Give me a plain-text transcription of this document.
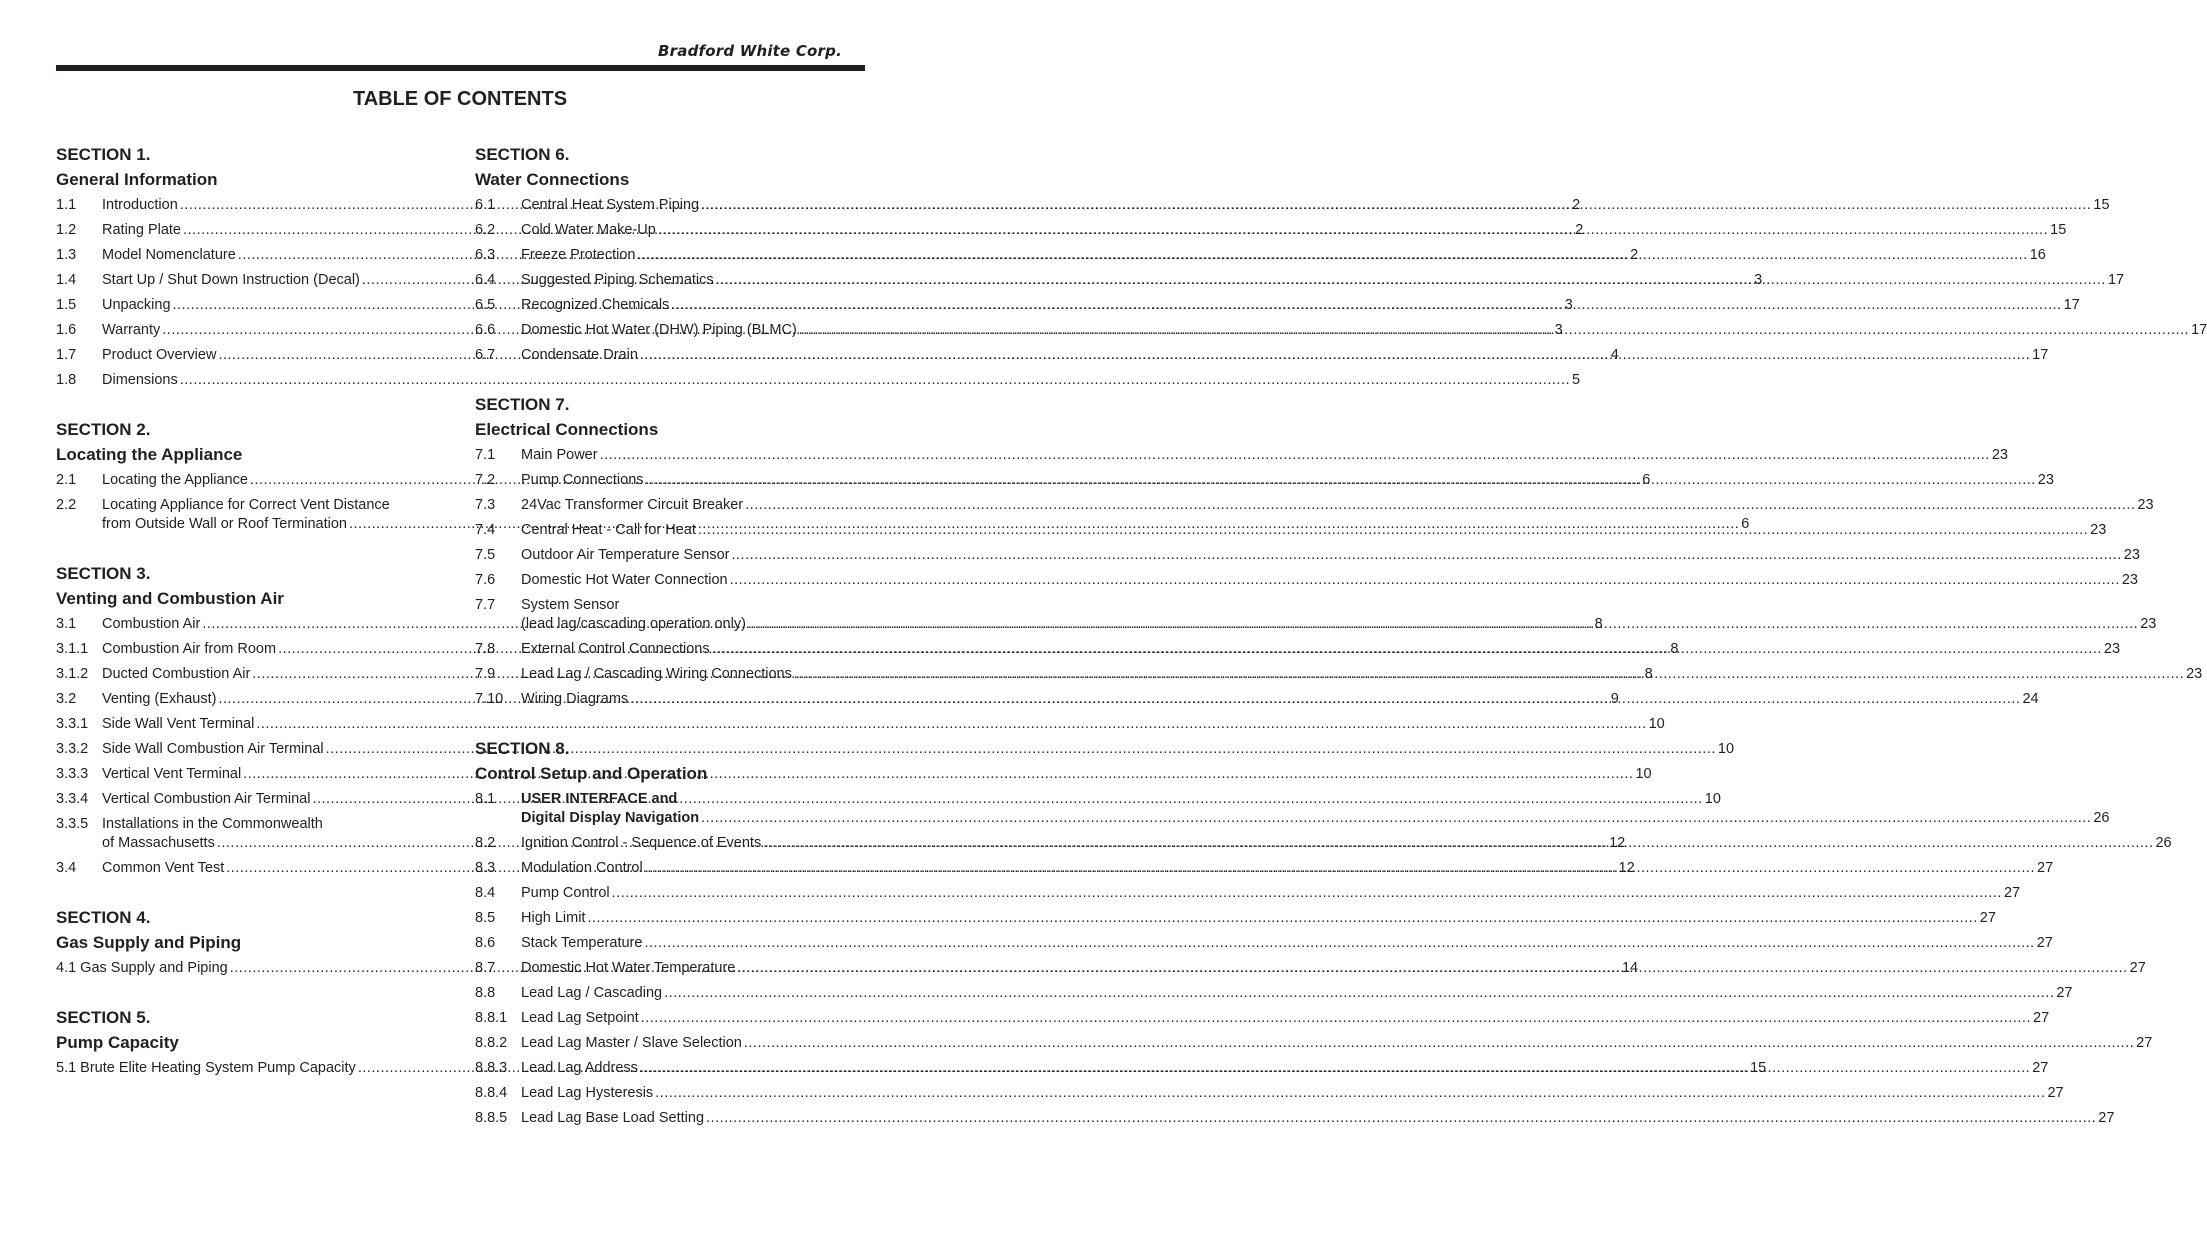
Bradford White Corp.
TABLE OF CONTENTS
SECTION 1.
General Information
1.1	Introduction .....	2
1.2	Rating Plate .....	2
1.3	Model Nomenclature .....	2
1.4	Start Up / Shut Down Instruction (Decal) .....	3
1.5	Unpacking .....	3
1.6	Warranty .....	3
1.7	Product Overview .....	4
1.8	Dimensions .....	5
SECTION 2.
Locating the Appliance
2.1	Locating the Appliance .....	6
2.2	Locating Appliance for Correct Vent Distance
from Outside Wall or Roof Termination .....	6
SECTION 3.
Venting and Combustion Air
3.1	Combustion Air .....	8
3.1.1 Combustion Air from Room .....	8
3.1.2 Ducted Combustion Air .....	8
3.2	Venting (Exhaust) .....	9
3.3.1 Side Wall Vent Terminal .....	10
3.3.2 Side Wall Combustion Air Terminal .....	10
3.3.3 Vertical Vent Terminal .....	10
3.3.4 Vertical Combustion Air Terminal .....	10
3.3.5 Installations in the Commonwealth
of Massachusetts .....	12
3.4	Common Vent Test .....	12
SECTION 4.
Gas Supply and Piping
4.1 Gas Supply and Piping .....	14
SECTION 5.
Pump Capacity
5.1 Brute Elite Heating System Pump Capacity .....	15
SECTION 6.
Water Connections
6.1	Central Heat System Piping .....	15
6.2	Cold Water Make-Up .....	15
6.3	Freeze Protection .....	16
6.4	Suggested Piping Schematics .....	17
6.5	Recognized Chemicals .....	17
6.6	Domestic Hot Water (DHW) Piping (BLMC) .....	17
6.7	Condensate Drain .....	17
SECTION 7.
Electrical Connections
7.1	Main Power .....	23
7.2	Pump Connections .....	23
7.3	24Vac Transformer Circuit Breaker .....	23
7.4	Central Heat - Call for Heat .....	23
7.5	Outdoor Air Temperature Sensor .....	23
7.6	Domestic Hot Water Connection .....	23
7.7	System Sensor
(lead lag/cascading operation only) .....	23
7.8	External Control Connections .....	23
7.9	Lead Lag / Cascading Wiring Connections .....	23
7.10	Wiring Diagrams .....	24
SECTION 8.
Control Setup and Operation
8.1	USER INTERFACE and
Digital Display Navigation .....	26
8.2	Ignition Control - Sequence of Events .....	26
8.3	Modulation Control .....	27
8.4	Pump Control .....	27
8.5	High Limit .....	27
8.6	Stack Temperature .....	27
8.7	Domestic Hot Water Temperature .....	27
8.8	Lead Lag / Cascading .....	27
8.8.1 Lead Lag Setpoint .....	27
8.8.2 Lead Lag Master / Slave Selection .....	27
8.8.3 Lead Lag Address .....	27
8.8.4 Lead Lag Hysteresis .....	27
8.8.5 Lead Lag Base Load Setting .....	27
